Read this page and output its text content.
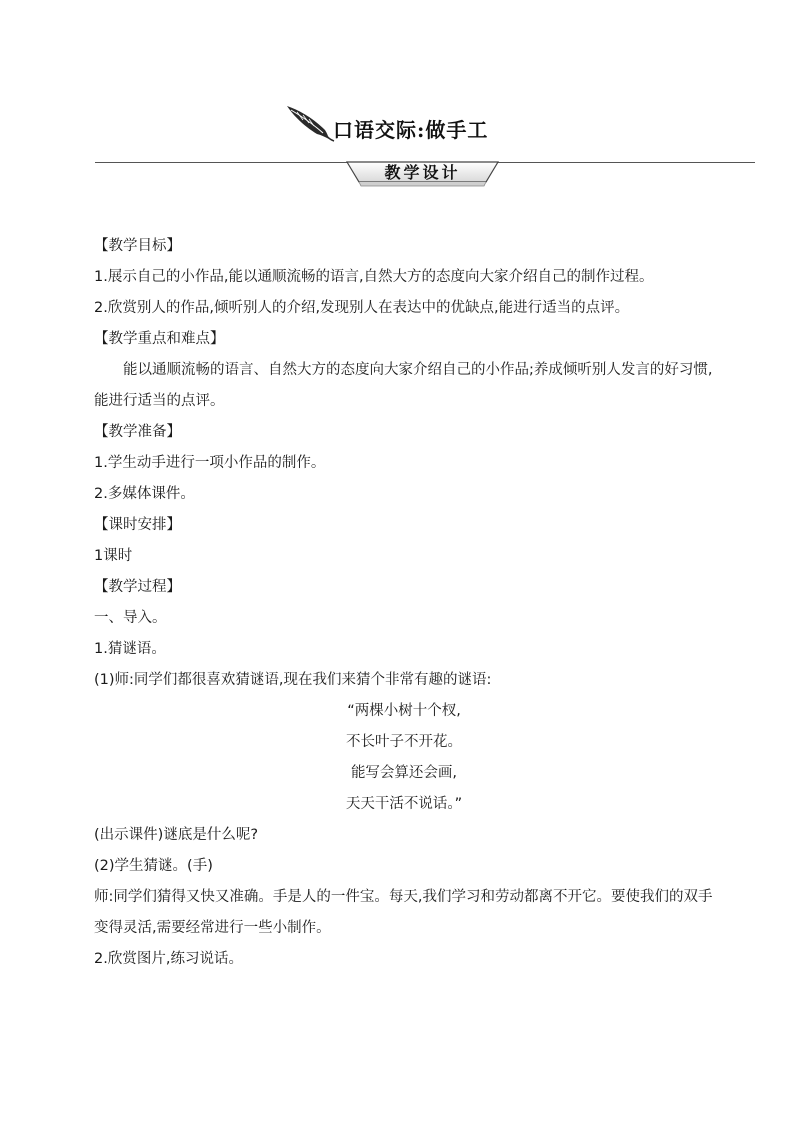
口语交际:做手工
教学设计

【教学目标】

1.展示自己的小作品,能以通顺流畅的语言,自然大方的态度向大家介绍自己的制作过程。

2.欣赏别人的作品,倾听别人的介绍,发现别人在表达中的优缺点,能进行适当的点评。

【教学重点和难点】

能以通顺流畅的语言、自然大方的态度向大家介绍自己的小作品;养成倾听别人发言的好习惯,能进行适当的点评。

【教学准备】

1.学生动手进行一项小作品的制作。

2.多媒体课件。

【课时安排】

1课时

【教学过程】

一、导入。

1.猜谜语。

(1)师:同学们都很喜欢猜谜语,现在我们来猜个非常有趣的谜语:

“两棵小树十个杈,

不长叶子不开花。

能写会算还会画,

天天干活不说话。”

(出示课件)谜底是什么呢?

(2)学生猜谜。(手)

师:同学们猜得又快又准确。手是人的一件宝。每天,我们学习和劳动都离不开它。要使我们的双手变得灵活,需要经常进行一些小制作。

2.欣赏图片,练习说话。
